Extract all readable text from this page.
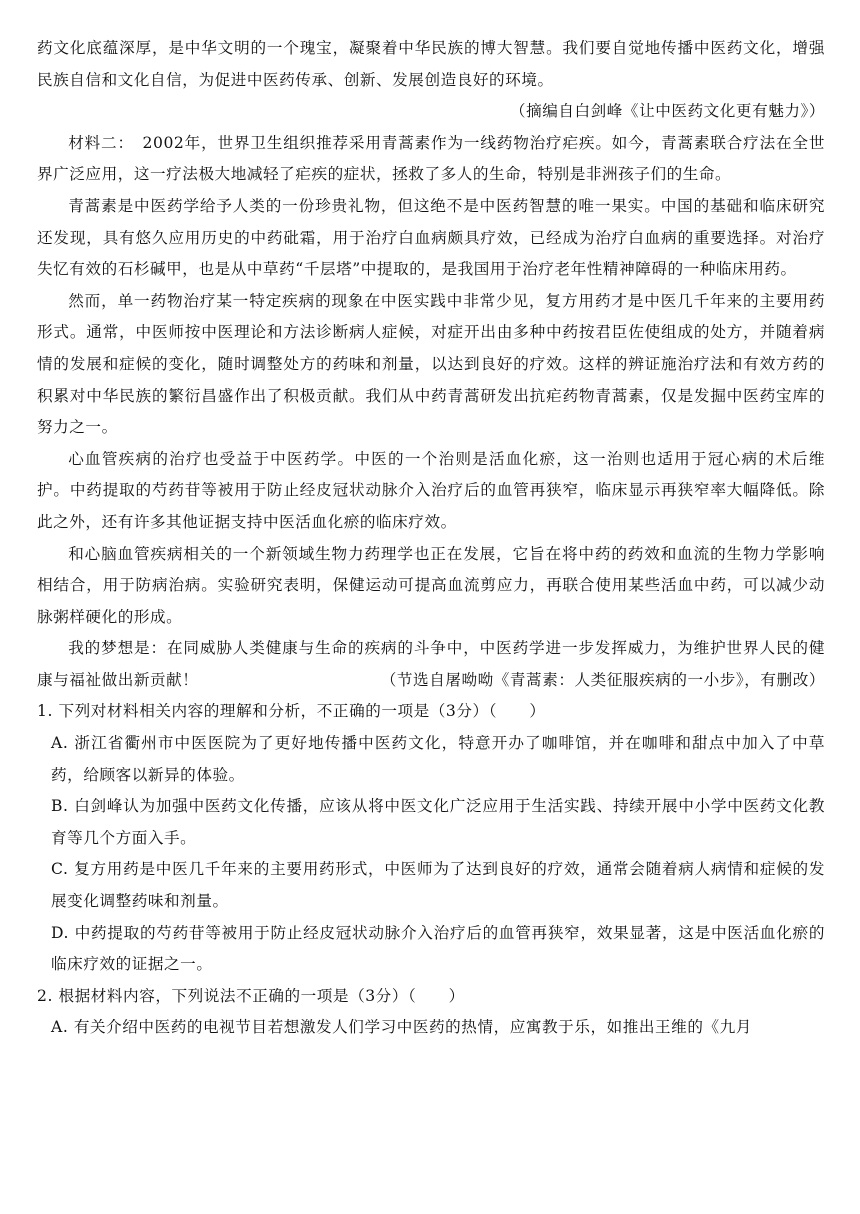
药文化底蕴深厚，是中华文明的一个瑰宝，凝聚着中华民族的博大智慧。我们要自觉地传播中医药文化，增强民族自信和文化自信，为促进中医药传承、创新、发展创造良好的环境。

（摘编自白剑峰《让中医药文化更有魅力》）

材料二：　2002年，世界卫生组织推荐采用青蒿素作为一线药物治疗疟疾。如今，青蒿素联合疗法在全世界广泛应用，这一疗法极大地减轻了疟疾的症状，拯救了多人的生命，特别是非洲孩子们的生命。

青蒿素是中医药学给予人类的一份珍贵礼物，但这绝不是中医药智慧的唯一果实。中国的基础和临床研究还发现，具有悠久应用历史的中药砒霜，用于治疗白血病颇具疗效，已经成为治疗白血病的重要选择。对治疗失忆有效的石杉碱甲，也是从中草药“千层塔”中提取的，是我国用于治疗老年性精神障碍的一种临床用药。

然而，单一药物治疗某一特定疾病的现象在中医实践中非常少见，复方用药才是中医几千年来的主要用药形式。通常，中医师按中医理论和方法诊断病人症候，对症开出由多种中药按君臣佐使组成的处方，并随着病情的发展和症候的变化，随时调整处方的药味和剂量，以达到良好的疗效。这样的辨证施治疗法和有效方药的积累对中华民族的繁衍昌盛作出了积极贡献。我们从中药青蒿研发出抗疟药物青蒿素，仅是发掘中医药宝库的努力之一。

心血管疾病的治疗也受益于中医药学。中医的一个治则是活血化瘀，这一治则也适用于冠心病的术后维护。中药提取的芍药苷等被用于防止经皮冠状动脉介入治疗后的血管再狭窄，临床显示再狭窄率大幅降低。除此之外，还有许多其他证据支持中医活血化瘀的临床疗效。

和心脑血管疾病相关的一个新领域生物力药理学也正在发展，它旨在将中药的药效和血流的生物力学影响相结合，用于防病治病。实验研究表明，保健运动可提高血流剪应力，再联合使用某些活血中药，可以减少动脉粥样硬化的形成。

我的梦想是：在同威胁人类健康与生命的疾病的斗争中，中医药学进一步发挥威力，为维护世界人民的健康与福祉做出新贡献！	（节选自屠呦呦《青蒿素：人类征服疾病的一小步》，有删改）

1. 下列对材料相关内容的理解和分析，不正确的一项是（3分）（　　）

A. 浙江省衢州市中医医院为了更好地传播中医药文化，特意开办了咖啡馆，并在咖啡和甜点中加入了中草药，给顾客以新异的体验。

B. 白剑峰认为加强中医药文化传播，应该从将中医文化广泛应用于生活实践、持续开展中小学中医药文化教育等几个方面入手。

C. 复方用药是中医几千年来的主要用药形式，中医师为了达到良好的疗效，通常会随着病人病情和症候的发展变化调整药味和剂量。

D. 中药提取的芍药苷等被用于防止经皮冠状动脉介入治疗后的血管再狭窄，效果显著，这是中医活血化瘀的临床疗效的证据之一。

2. 根据材料内容，下列说法不正确的一项是（3分）（　　）

A. 有关介绍中医药的电视节目若想激发人们学习中医药的热情，应寓教于乐，如推出王维的《九月
